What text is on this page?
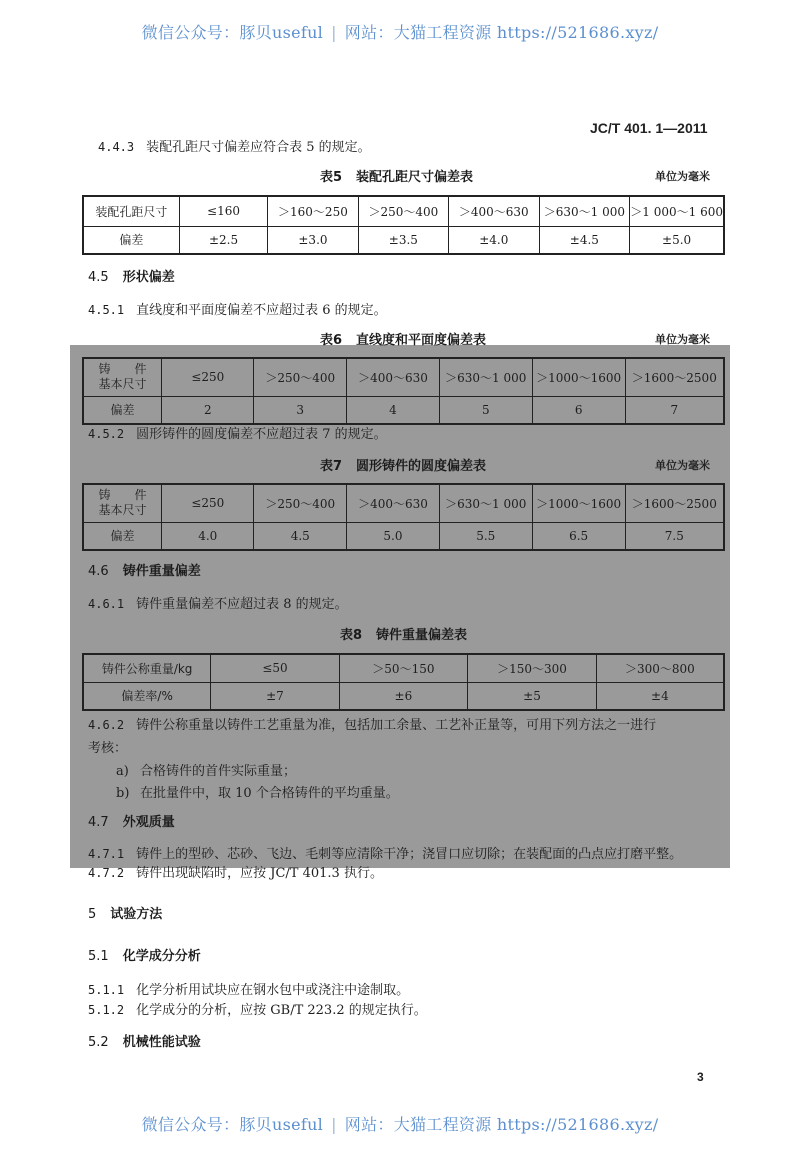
微信公众号：豚贝useful | 网站：大猫工程资源 https://521686.xyz/
JC/T 401. 1—2011
4.4.3 装配孔距尺寸偏差应符合表 5 的规定。
表5 装配孔距尺寸偏差表	单位为毫米
装配孔距尺寸	≤160	＞160～250	＞250～400	＞400～630	＞630～1 000	＞1 000～1 600
偏差	±2.5	±3.0	±3.5	±4.0	±4.5	±5.0
4.5 形状偏差
4.5.1 直线度和平面度偏差不应超过表 6 的规定。
表6 直线度和平面度偏差表	单位为毫米
铸　　件
基本尺寸	≤250	＞250～400	＞400～630	＞630～1 000	＞1000～1600	＞1600～2500
偏差	2	3	4	5	6	7
4.5.2 圆形铸件的圆度偏差不应超过表 7 的规定。
表7 圆形铸件的圆度偏差表	单位为毫米
铸　　件
基本尺寸	≤250	＞250～400	＞400～630	＞630～1 000	＞1000～1600	＞1600～2500
偏差	4.0	4.5	5.0	5.5	6.5	7.5
4.6 铸件重量偏差
4.6.1 铸件重量偏差不应超过表 8 的规定。
表8 铸件重量偏差表
铸件公称重量/kg	≤50	＞50～150	＞150～300	＞300～800
偏差率/%	±7	±6	±5	±4
4.6.2 铸件公称重量以铸件工艺重量为准，包括加工余量、工艺补正量等，可用下列方法之一进行
考核：
a) 合格铸件的首件实际重量；
b) 在批量件中，取 10 个合格铸件的平均重量。
4.7 外观质量
4.7.1 铸件上的型砂、芯砂、飞边、毛刺等应清除干净；浇冒口应切除；在装配面的凸点应打磨平整。
4.7.2 铸件出现缺陷时，应按 JC/T 401.3 执行。
5 试验方法
5.1 化学成分分析
5.1.1 化学分析用试块应在钢水包中或浇注中途制取。
5.1.2 化学成分的分析，应按 GB/T 223.2 的规定执行。
5.2 机械性能试验
3
微信公众号：豚贝useful | 网站：大猫工程资源 https://521686.xyz/
